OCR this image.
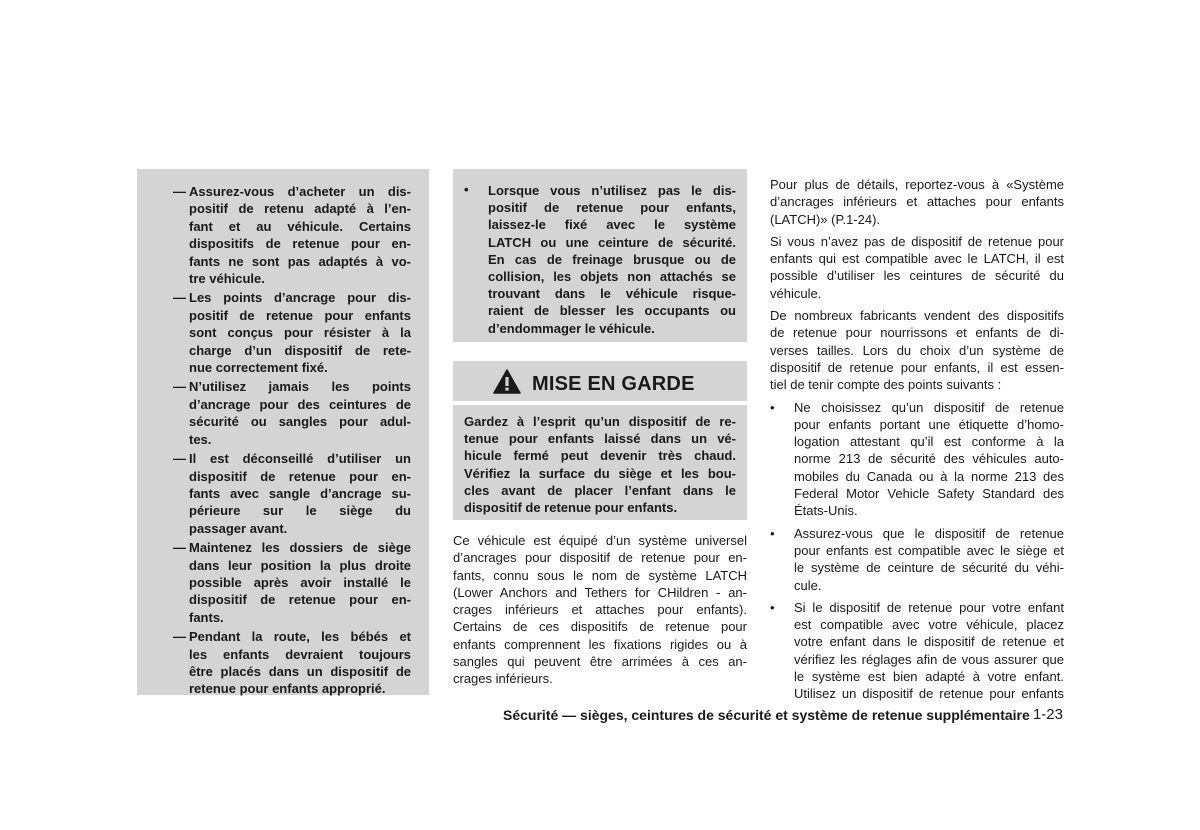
— Assurez-vous d’acheter un dis-
positif de retenu adapté à l’en-
fant et au véhicule. Certains
dispositifs de retenue pour en-
fants ne sont pas adaptés à vo-
tre véhicule.
— Les points d’ancrage pour dis-
positif de retenue pour enfants
sont conçus pour résister à la
charge d’un dispositif de rete-
nue correctement fixé.
— N’utilisez jamais les points
d’ancrage pour des ceintures de
sécurité ou sangles pour adul-
tes.
— Il est déconseillé d’utiliser un
dispositif de retenue pour en-
fants avec sangle d’ancrage su-
périeure sur le siège du
passager avant.
— Maintenez les dossiers de siège
dans leur position la plus droite
possible après avoir installé le
dispositif de retenue pour en-
fants.
— Pendant la route, les bébés et
les enfants devraient toujours
être placés dans un dispositif de
retenue pour enfants approprié.
• Lorsque vous n’utilisez pas le dis-
positif de retenue pour enfants,
laissez-le fixé avec le système
LATCH ou une ceinture de sécurité.
En cas de freinage brusque ou de
collision, les objets non attachés se
trouvant dans le véhicule risque-
raient de blesser les occupants ou
d’endommager le véhicule.
MISE EN GARDE
Gardez à l’esprit qu’un dispositif de re-
tenue pour enfants laissé dans un vé-
hicule fermé peut devenir très chaud.
Vérifiez la surface du siège et les bou-
cles avant de placer l’enfant dans le
dispositif de retenue pour enfants.
Ce véhicule est équipé d’un système universel
d’ancrages pour dispositif de retenue pour en-
fants, connu sous le nom de système LATCH
(Lower Anchors and Tethers for CHildren - an-
crages inférieurs et attaches pour enfants).
Certains de ces dispositifs de retenue pour
enfants comprennent les fixations rigides ou à
sangles qui peuvent être arrimées à ces an-
crages inférieurs.
Pour plus de détails, reportez-vous à «Système
d’ancrages inférieurs et attaches pour enfants
(LATCH)» (P.1-24).
Si vous n’avez pas de dispositif de retenue pour
enfants qui est compatible avec le LATCH, il est
possible d’utiliser les ceintures de sécurité du
véhicule.
De nombreux fabricants vendent des dispositifs
de retenue pour nourrissons et enfants de di-
verses tailles. Lors du choix d’un système de
dispositif de retenue pour enfants, il est essen-
tiel de tenir compte des points suivants :
• Ne choisissez qu’un dispositif de retenue
pour enfants portant une étiquette d’homo-
logation attestant qu’il est conforme à la
norme 213 de sécurité des véhicules auto-
mobiles du Canada ou à la norme 213 des
Federal Motor Vehicle Safety Standard des
États-Unis.
• Assurez-vous que le dispositif de retenue
pour enfants est compatible avec le siège et
le système de ceinture de sécurité du véhi-
cule.
• Si le dispositif de retenue pour votre enfant
est compatible avec votre véhicule, placez
votre enfant dans le dispositif de retenue et
vérifiez les réglages afin de vous assurer que
le système est bien adapté à votre enfant.
Utilisez un dispositif de retenue pour enfants
Sécurité — sièges, ceintures de sécurité et système de retenue supplémentaire 1-23
